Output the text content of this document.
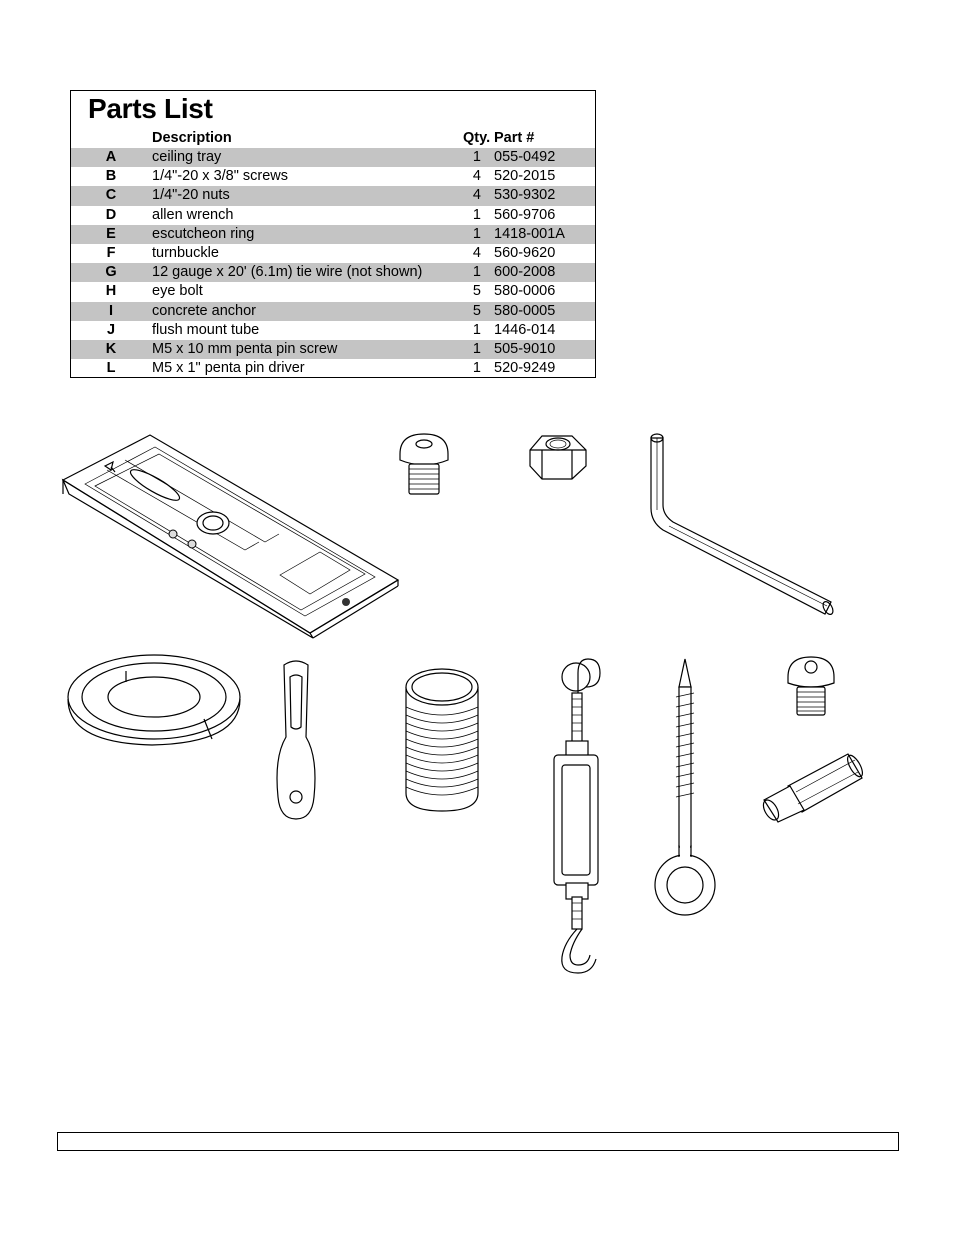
Parts List
Description	Qty. Part #
A	ceiling tray	1 055-0492
B	1/4"-20 x 3/8" screws	4 520-2015
C	1/4"-20 nuts	4 530-9302
D	allen wrench	1 560-9706
E	escutcheon ring	1 1418-001A
F	turnbuckle	4 560-9620
G	12 gauge x 20' (6.1m) tie wire (not shown)	1 600-2008
H	eye bolt	5 580-0006
I	concrete anchor	5 580-0005
J	flush mount tube	1 1446-014
K	M5 x 10 mm penta pin screw	1 505-9010
L	M5 x 1" penta pin driver	1 520-9249
